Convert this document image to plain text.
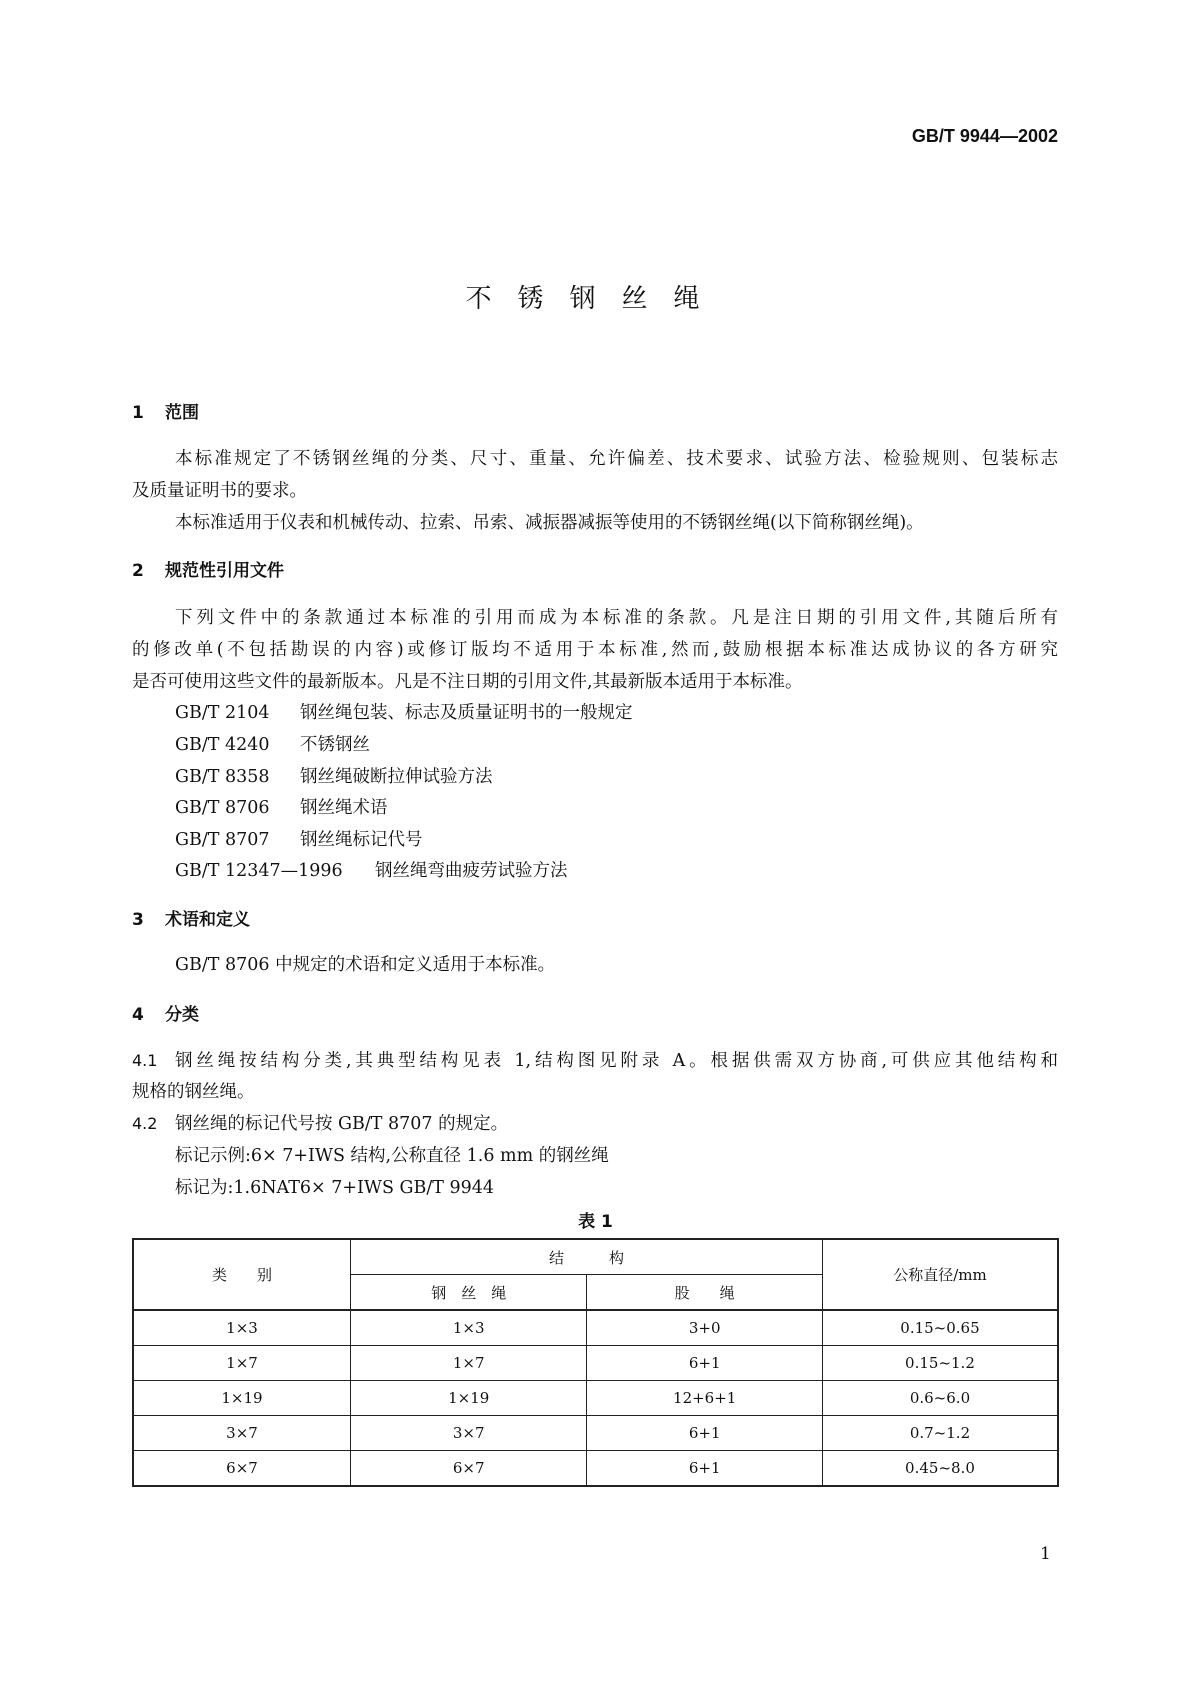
GB/T 9944—2002
不锈钢丝绳
1 范围
本标准规定了不锈钢丝绳的分类、尺寸、重量、允许偏差、技术要求、试验方法、检验规则、包装标志
及质量证明书的要求。
本标准适用于仪表和机械传动、拉索、吊索、减振器减振等使用的不锈钢丝绳(以下简称钢丝绳)。
2 规范性引用文件
下列文件中的条款通过本标准的引用而成为本标准的条款。凡是注日期的引用文件,其随后所有
的修改单(不包括勘误的内容)或修订版均不适用于本标准,然而,鼓励根据本标准达成协议的各方研究
是否可使用这些文件的最新版本。凡是不注日期的引用文件,其最新版本适用于本标准。
GB/T 2104 钢丝绳包装、标志及质量证明书的一般规定
GB/T 4240 不锈钢丝
GB/T 8358 钢丝绳破断拉伸试验方法
GB/T 8706 钢丝绳术语
GB/T 8707 钢丝绳标记代号
GB/T 12347—1996 钢丝绳弯曲疲劳试验方法
3 术语和定义
GB/T 8706 中规定的术语和定义适用于本标准。
4 分类
4.1 钢丝绳按结构分类,其典型结构见表 1,结构图见附录 A。根据供需双方协商,可供应其他结构和
规格的钢丝绳。
4.2 钢丝绳的标记代号按 GB/T 8707 的规定。
标记示例:6× 7+IWS 结构,公称直径 1.6 mm 的钢丝绳
标记为:1.6NAT6× 7+IWS GB/T 9944
表 1
类　　别	结　　　构		公称直径/mm
	钢　丝　绳	股　　绳	
1×3	1×3	3+0	0.15~0.65
1×7	1×7	6+1	0.15~1.2
1×19	1×19	12+6+1	0.6~6.0
3×7	3×7	6+1	0.7~1.2
6×7	6×7	6+1	0.45~8.0
1
